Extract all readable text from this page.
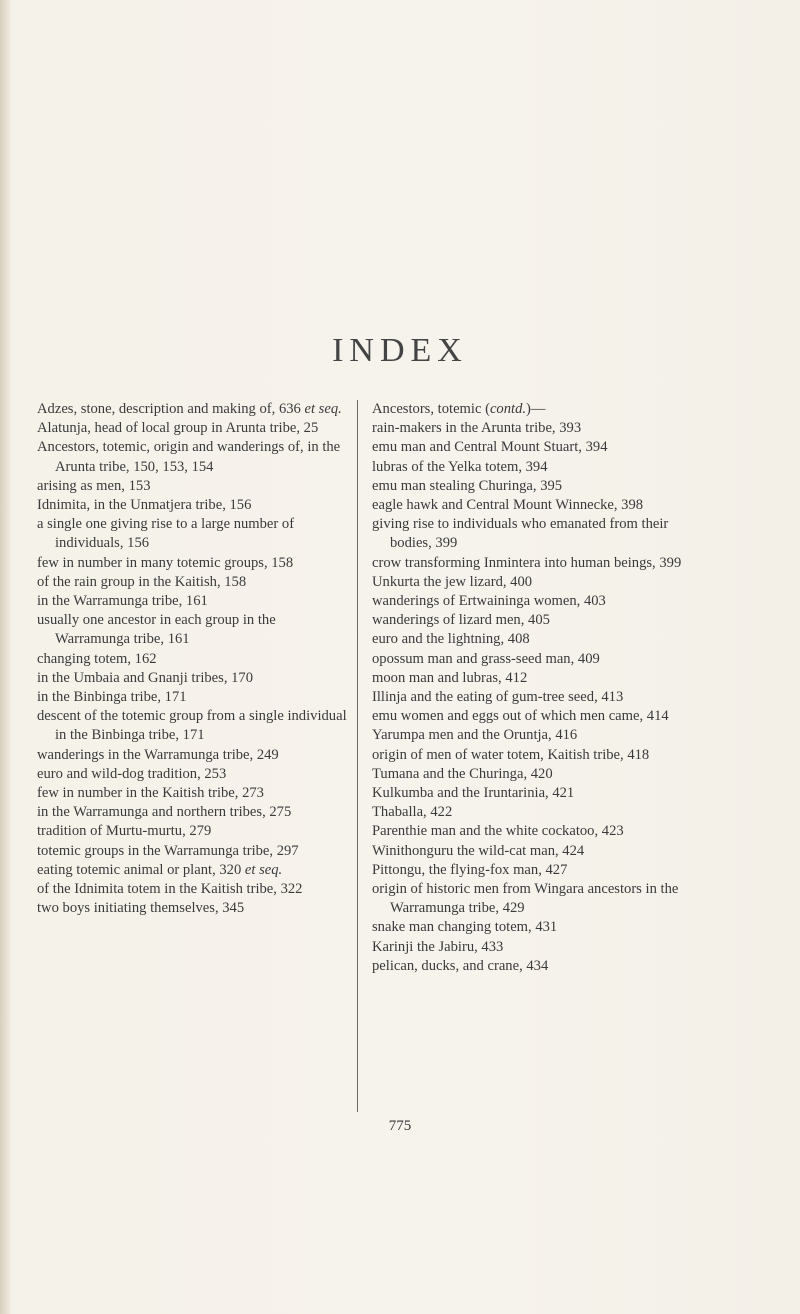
INDEX

Adzes, stone, description and making of, 636 et seq.

Alatunja, head of local group in Arunta tribe, 25

Ancestors, totemic, origin and wanderings of, in the Arunta tribe, 150, 153, 154

arising as men, 153

Idnimita, in the Unmatjera tribe, 156

a single one giving rise to a large number of individuals, 156

few in number in many totemic groups, 158

of the rain group in the Kaitish, 158

in the Warramunga tribe, 161

usually one ancestor in each group in the Warramunga tribe, 161

changing totem, 162

in the Umbaia and Gnanji tribes, 170

in the Binbinga tribe, 171

descent of the totemic group from a single individual in the Binbinga tribe, 171

wanderings in the Warramunga tribe, 249

euro and wild-dog tradition, 253

few in number in the Kaitish tribe, 273

in the Warramunga and northern tribes, 275

tradition of Murtu-murtu, 279

totemic groups in the Warramunga tribe, 297

eating totemic animal or plant, 320 et seq.

of the Idnimita totem in the Kaitish tribe, 322

two boys initiating themselves, 345

Ancestors, totemic (contd.)—

rain-makers in the Arunta tribe, 393

emu man and Central Mount Stuart, 394

lubras of the Yelka totem, 394

emu man stealing Churinga, 395

eagle hawk and Central Mount Winnecke, 398

giving rise to individuals who emanated from their bodies, 399

crow transforming Inmintera into human beings, 399

Unkurta the jew lizard, 400

wanderings of Ertwaininga women, 403

wanderings of lizard men, 405

euro and the lightning, 408

opossum man and grass-seed man, 409

moon man and lubras, 412

Illinja and the eating of gum-tree seed, 413

emu women and eggs out of which men came, 414

Yarumpa men and the Oruntja, 416

origin of men of water totem, Kaitish tribe, 418

Tumana and the Churinga, 420

Kulkumba and the Iruntarinia, 421

Thaballa, 422

Parenthie man and the white cockatoo, 423

Winithonguru the wild-cat man, 424

Pittongu, the flying-fox man, 427

origin of historic men from Wingara ancestors in the Warramunga tribe, 429

snake man changing totem, 431

Karinji the Jabiru, 433

pelican, ducks, and crane, 434

775
